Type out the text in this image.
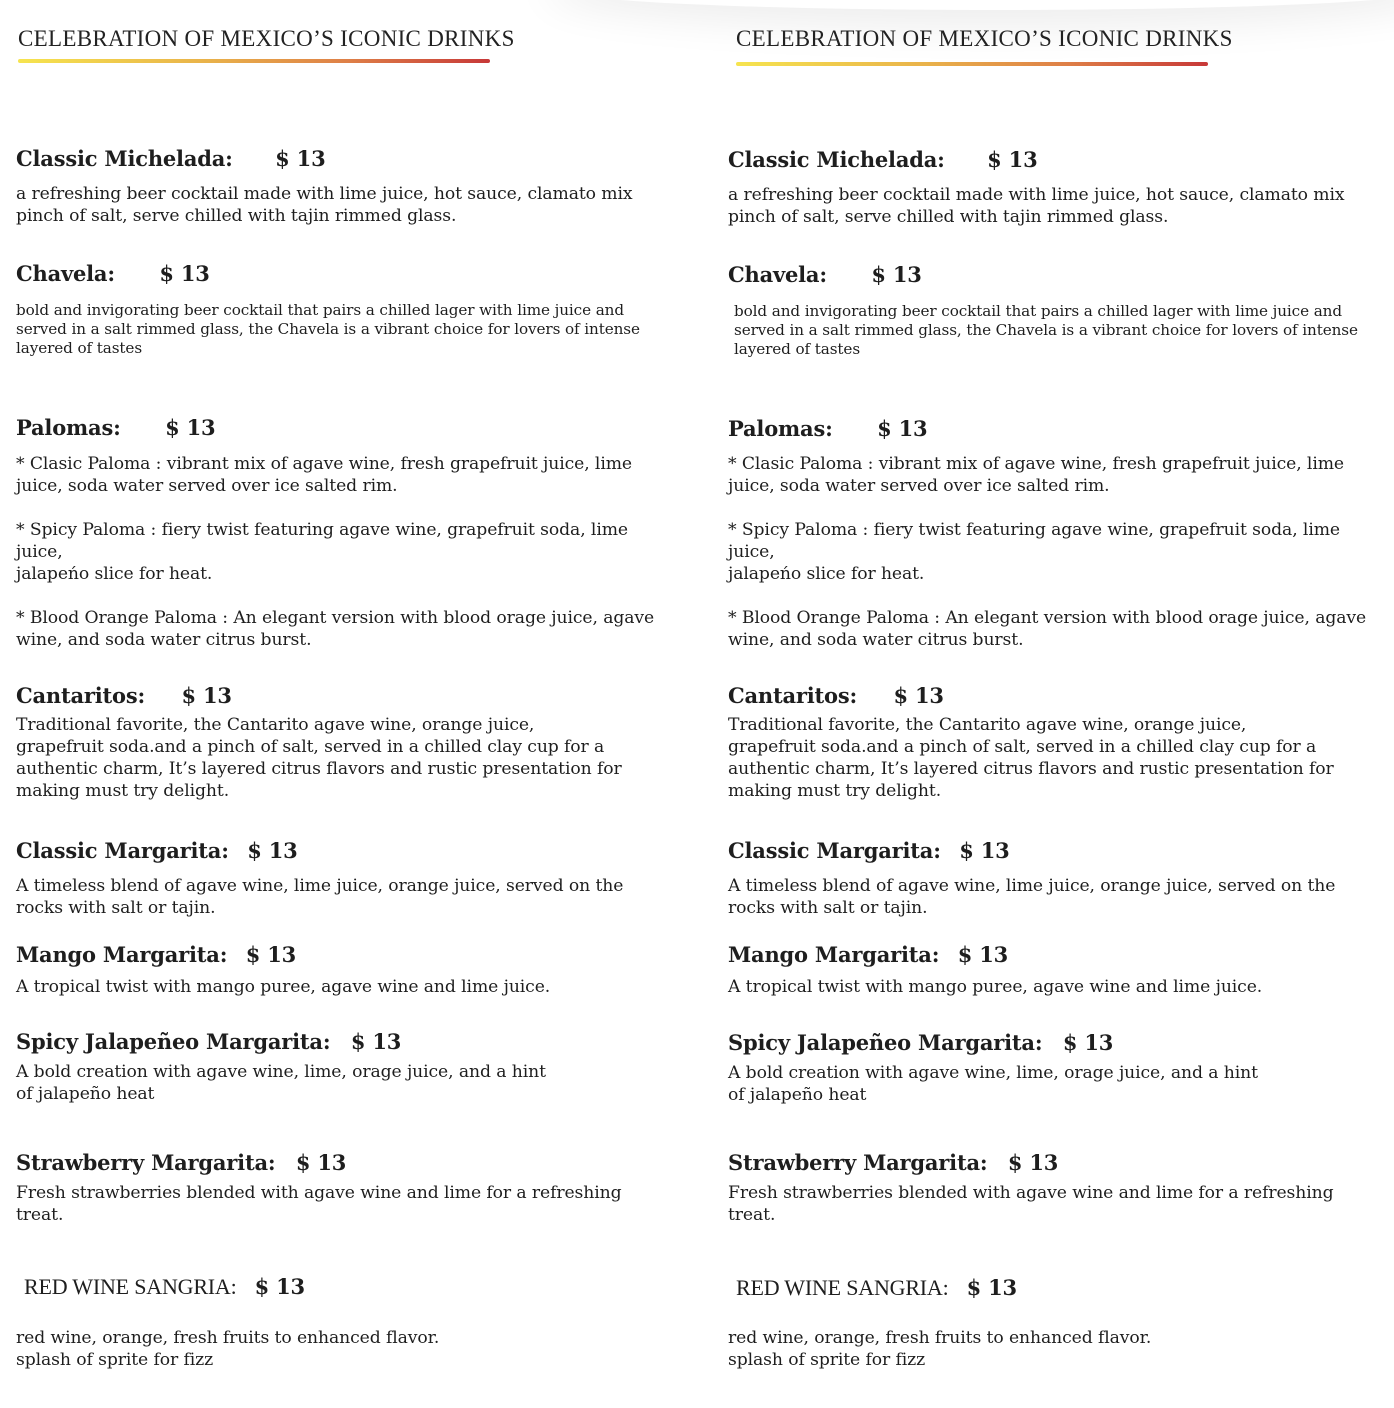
CELEBRATION OF MEXICO’S ICONIC DRINKS
Classic Michelada: $ 13
a refreshing beer cocktail made with lime juice, hot sauce, clamato mix
pinch of salt, serve chilled with tajin rimmed glass.
Chavela: $ 13
bold and invigorating beer cocktail that pairs a chilled lager with lime juice and
served in a salt rimmed glass, the Chavela is a vibrant choice for lovers of intense
layered of tastes
Palomas: $ 13
* Clasic Paloma : vibrant mix of agave wine, fresh grapefruit juice, lime
juice, soda water served over ice salted rim.

* Spicy Paloma : fiery twist featuring agave wine, grapefruit soda, lime
juice,
jalapeńo slice for heat.

* Blood Orange Paloma : An elegant version with blood orage juice, agave
wine, and soda water citrus burst.
Cantaritos: $ 13
Traditional favorite, the Cantarito agave wine, orange juice,
grapefruit soda.and a pinch of salt, served in a chilled clay cup for a
authentic charm, It’s layered citrus flavors and rustic presentation for
making must try delight.
Classic Margarita: $ 13
A timeless blend of agave wine, lime juice, orange juice, served on the
rocks with salt or tajin.
Mango Margarita: $ 13
A tropical twist with mango puree, agave wine and lime juice.
Spicy Jalapeñeo Margarita: $ 13
A bold creation with agave wine, lime, orage juice, and a hint
of jalapeño heat
Strawberry Margarita: $ 13
Fresh strawberries blended with agave wine and lime for a refreshing
treat.
RED WINE SANGRIA: $ 13
red wine, orange, fresh fruits to enhanced flavor.
splash of sprite for fizz
CELEBRATION OF MEXICO’S ICONIC DRINKS
Classic Michelada: $ 13
a refreshing beer cocktail made with lime juice, hot sauce, clamato mix
pinch of salt, serve chilled with tajin rimmed glass.
Chavela: $ 13
bold and invigorating beer cocktail that pairs a chilled lager with lime juice and
served in a salt rimmed glass, the Chavela is a vibrant choice for lovers of intense
layered of tastes
Palomas: $ 13
* Clasic Paloma : vibrant mix of agave wine, fresh grapefruit juice, lime
juice, soda water served over ice salted rim.

* Spicy Paloma : fiery twist featuring agave wine, grapefruit soda, lime
juice,
jalapeńo slice for heat.

* Blood Orange Paloma : An elegant version with blood orage juice, agave
wine, and soda water citrus burst.
Cantaritos: $ 13
Traditional favorite, the Cantarito agave wine, orange juice,
grapefruit soda.and a pinch of salt, served in a chilled clay cup for a
authentic charm, It’s layered citrus flavors and rustic presentation for
making must try delight.
Classic Margarita: $ 13
A timeless blend of agave wine, lime juice, orange juice, served on the
rocks with salt or tajin.
Mango Margarita: $ 13
A tropical twist with mango puree, agave wine and lime juice.
Spicy Jalapeñeo Margarita: $ 13
A bold creation with agave wine, lime, orage juice, and a hint
of jalapeño heat
Strawberry Margarita: $ 13
Fresh strawberries blended with agave wine and lime for a refreshing
treat.
RED WINE SANGRIA: $ 13
red wine, orange, fresh fruits to enhanced flavor.
splash of sprite for fizz
